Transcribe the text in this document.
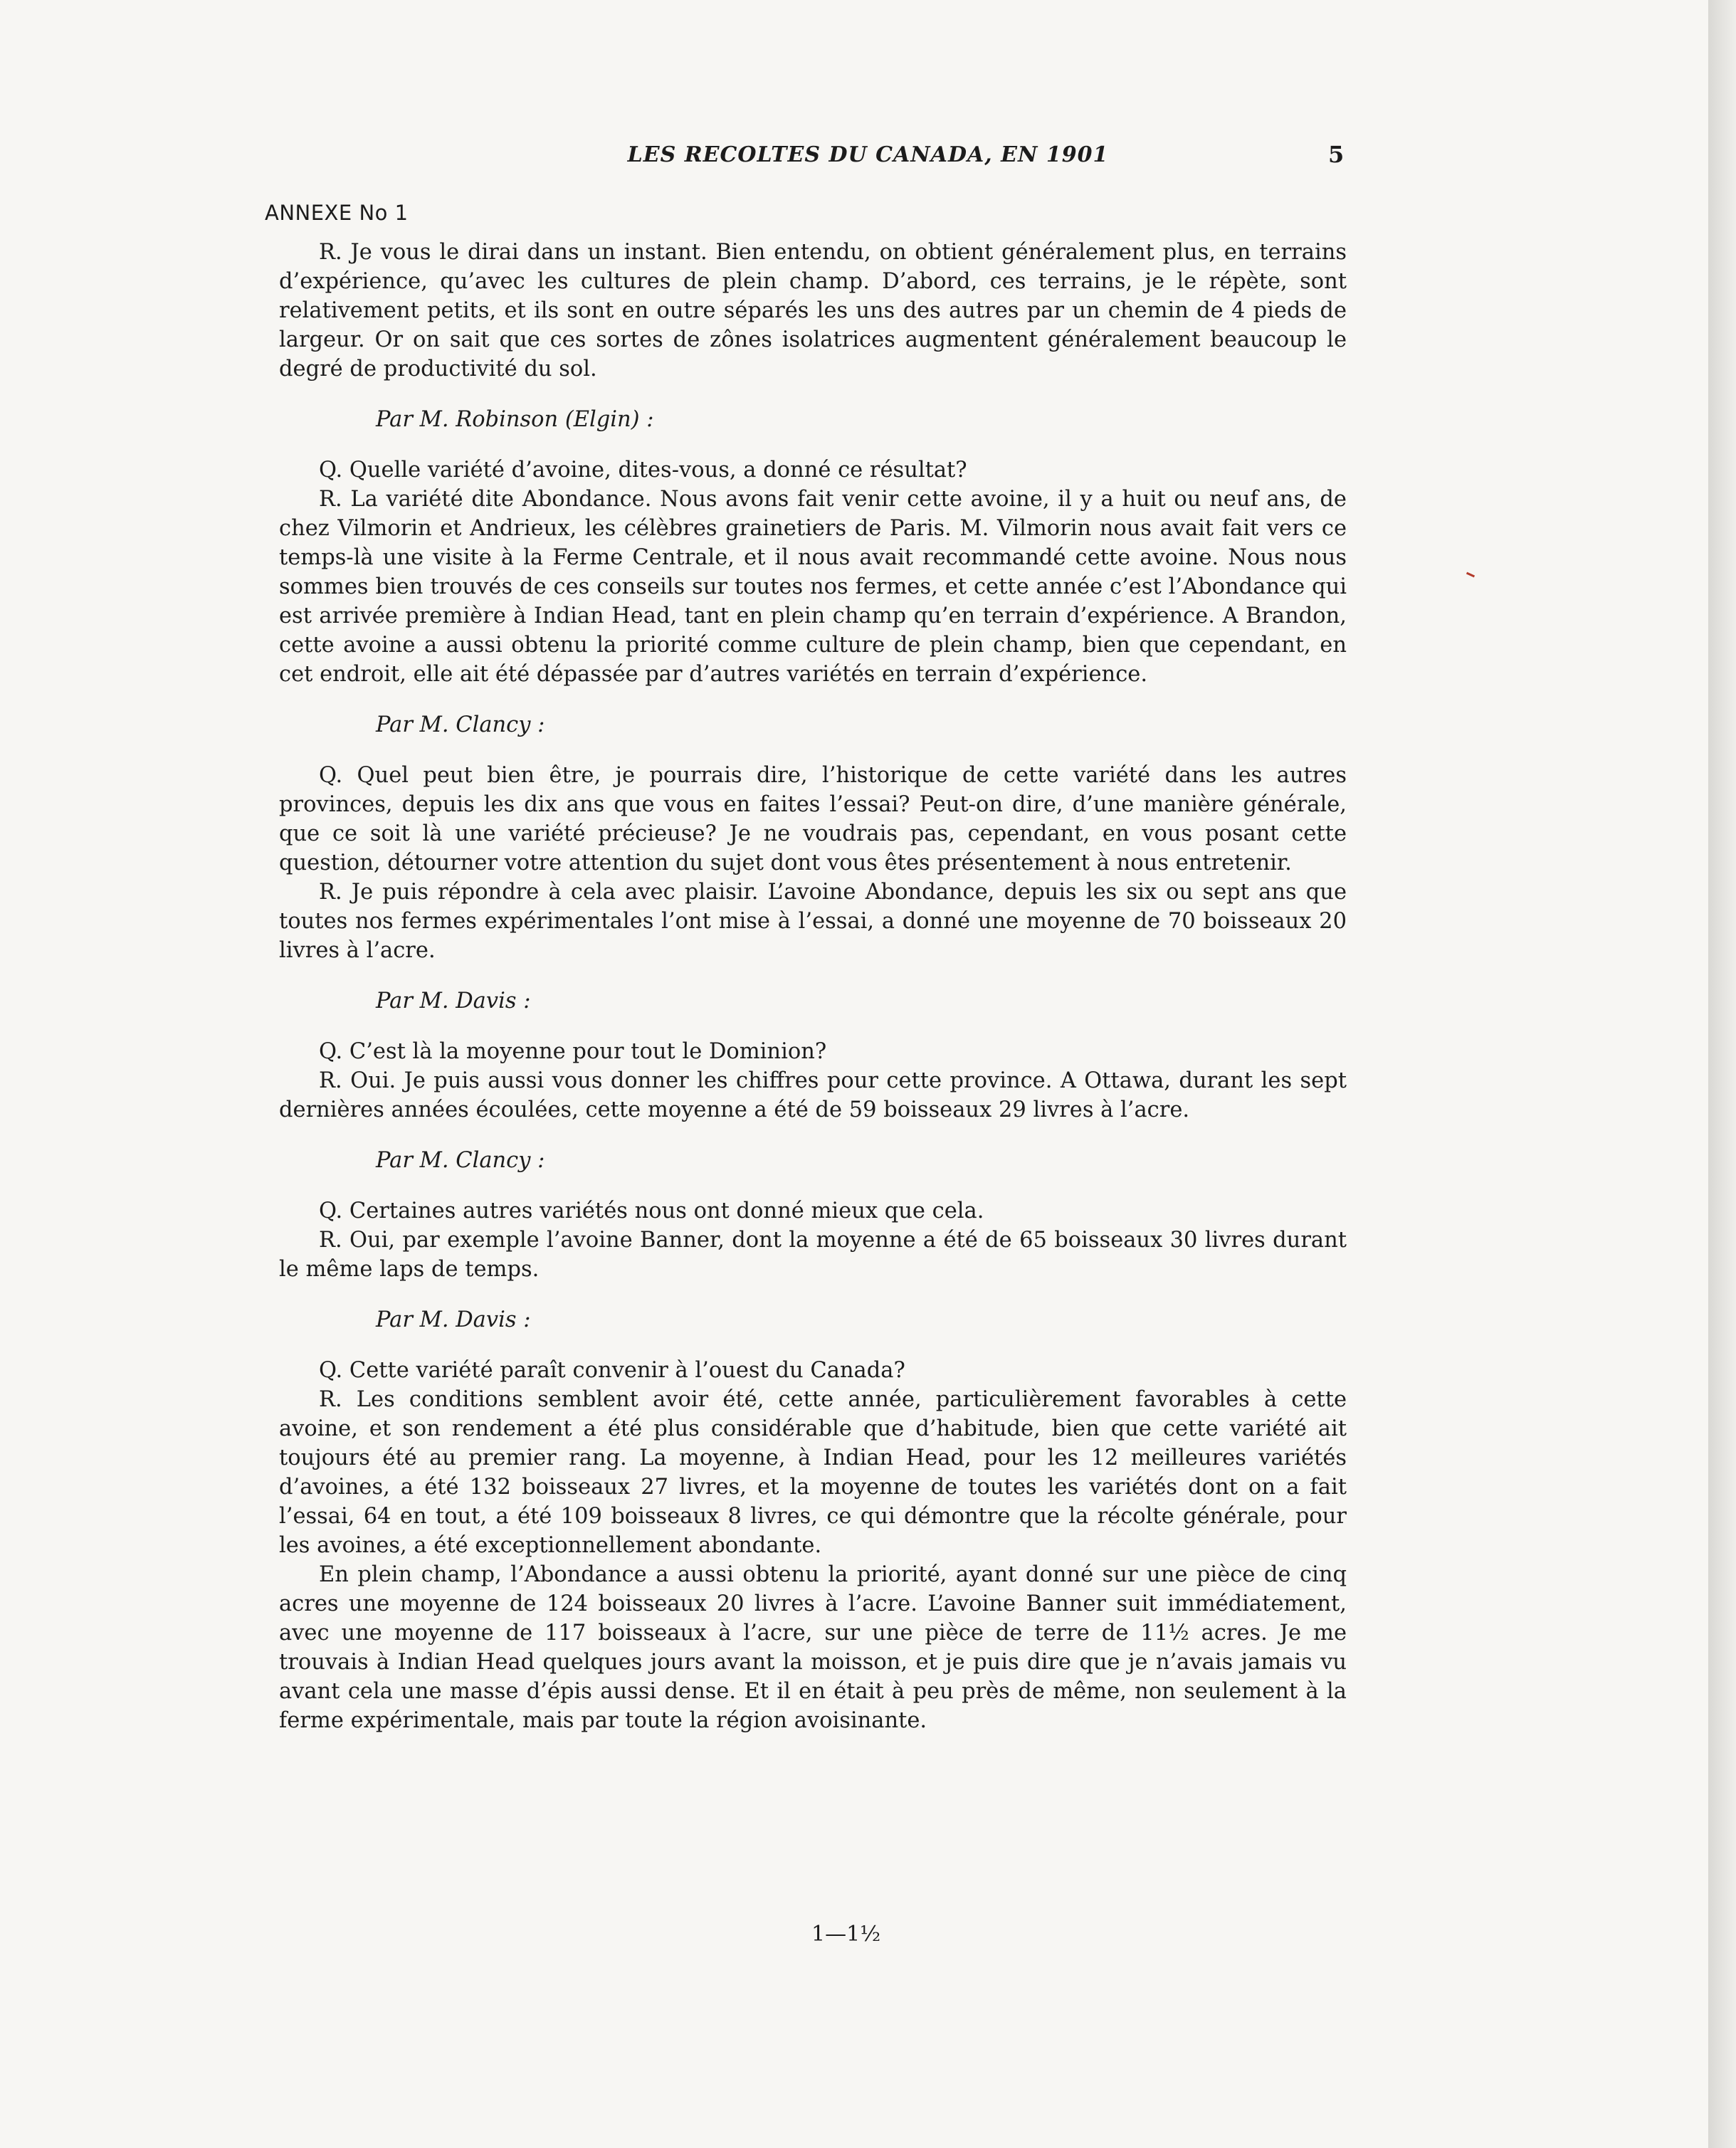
LES RECOLTES DU CANADA, EN 1901	5
ANNEXE No 1

R. Je vous le dirai dans un instant. Bien entendu, on obtient généralement plus, en terrains d’expérience, qu’avec les cultures de plein champ. D’abord, ces terrains, je le répète, sont relativement petits, et ils sont en outre séparés les uns des autres par un chemin de 4 pieds de largeur. Or on sait que ces sortes de zônes isolatrices augmentent généralement beaucoup le degré de productivité du sol.

Par M. Robinson (Elgin) :

Q. Quelle variété d’avoine, dites-vous, a donné ce résultat?

R. La variété dite Abondance. Nous avons fait venir cette avoine, il y a huit ou neuf ans, de chez Vilmorin et Andrieux, les célèbres grainetiers de Paris. M. Vilmorin nous avait fait vers ce temps-là une visite à la Ferme Centrale, et il nous avait recommandé cette avoine. Nous nous sommes bien trouvés de ces conseils sur toutes nos fermes, et cette année c’est l’Abondance qui est arrivée première à Indian Head, tant en plein champ qu’en terrain d’expérience. A Brandon, cette avoine a aussi obtenu la priorité comme culture de plein champ, bien que cependant, en cet endroit, elle ait été dépassée par d’autres variétés en terrain d’expérience.

Par M. Clancy :

Q. Quel peut bien être, je pourrais dire, l’historique de cette variété dans les autres provinces, depuis les dix ans que vous en faites l’essai? Peut-on dire, d’une manière générale, que ce soit là une variété précieuse? Je ne voudrais pas, cependant, en vous posant cette question, détourner votre attention du sujet dont vous êtes présentement à nous entretenir.

R. Je puis répondre à cela avec plaisir. L’avoine Abondance, depuis les six ou sept ans que toutes nos fermes expérimentales l’ont mise à l’essai, a donné une moyenne de 70 boisseaux 20 livres à l’acre.

Par M. Davis :

Q. C’est là la moyenne pour tout le Dominion?

R. Oui. Je puis aussi vous donner les chiffres pour cette province. A Ottawa, durant les sept dernières années écoulées, cette moyenne a été de 59 boisseaux 29 livres à l’acre.

Par M. Clancy :

Q. Certaines autres variétés nous ont donné mieux que cela.

R. Oui, par exemple l’avoine Banner, dont la moyenne a été de 65 boisseaux 30 livres durant le même laps de temps.

Par M. Davis :

Q. Cette variété paraît convenir à l’ouest du Canada?

R. Les conditions semblent avoir été, cette année, particulièrement favorables à cette avoine, et son rendement a été plus considérable que d’habitude, bien que cette variété ait toujours été au premier rang. La moyenne, à Indian Head, pour les 12 meilleures variétés d’avoines, a été 132 boisseaux 27 livres, et la moyenne de toutes les variétés dont on a fait l’essai, 64 en tout, a été 109 boisseaux 8 livres, ce qui démontre que la récolte générale, pour les avoines, a été exceptionnellement abondante.

En plein champ, l’Abondance a aussi obtenu la priorité, ayant donné sur une pièce de cinq acres une moyenne de 124 boisseaux 20 livres à l’acre. L’avoine Banner suit immédiatement, avec une moyenne de 117 boisseaux à l’acre, sur une pièce de terre de 11½ acres. Je me trouvais à Indian Head quelques jours avant la moisson, et je puis dire que je n’avais jamais vu avant cela une masse d’épis aussi dense. Et il en était à peu près de même, non seulement à la ferme expérimentale, mais par toute la région avoisinante.

1—1½
